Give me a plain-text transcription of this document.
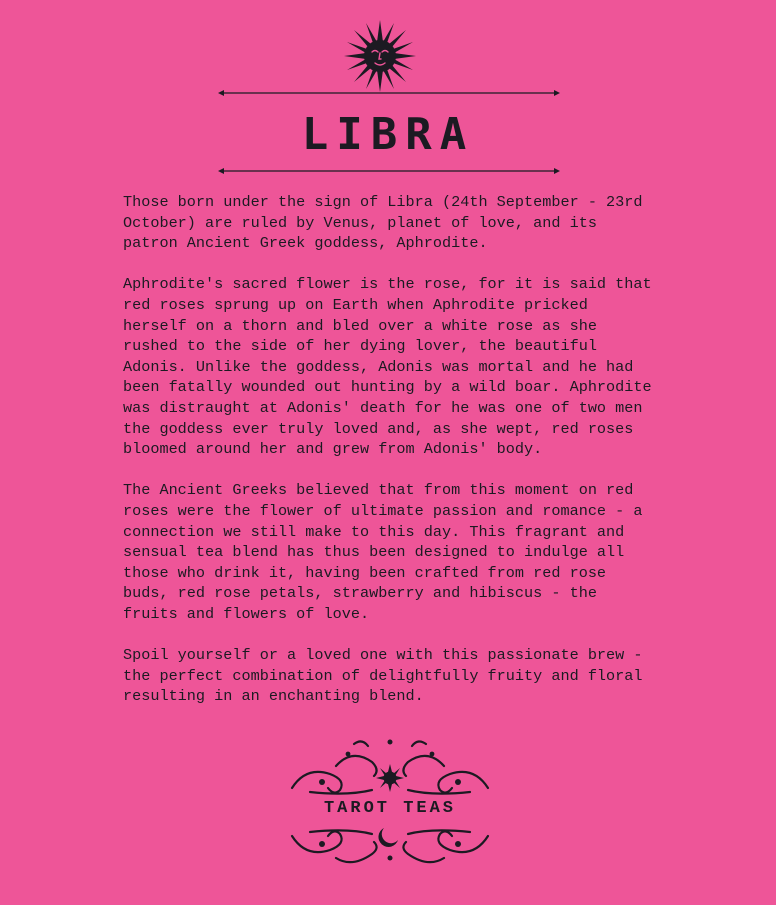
LIBRA

Those born under the sign of Libra (24th September - 23rd October) are ruled by Venus, planet of love, and its patron Ancient Greek goddess, Aphrodite.

Aphrodite's sacred flower is the rose, for it is said that red roses sprung up on Earth when Aphrodite pricked herself on a thorn and bled over a white rose as she rushed to the side of her dying lover, the beautiful Adonis. Unlike the goddess, Adonis was mortal and he had been fatally wounded out hunting by a wild boar. Aphrodite was distraught at Adonis' death for he was one of two men the goddess ever truly loved and, as she wept, red roses bloomed around her and grew from Adonis' body.

The Ancient Greeks believed that from this moment on red roses were the flower of ultimate passion and romance - a connection we still make to this day. This fragrant and sensual tea blend has thus been designed to indulge all those who drink it, having been crafted from red rose buds, red rose petals, strawberry and hibiscus - the fruits and flowers of love.

Spoil yourself or a loved one with this passionate brew - the perfect combination of delightfully fruity and floral resulting in an enchanting blend.

TAROT TEAS
